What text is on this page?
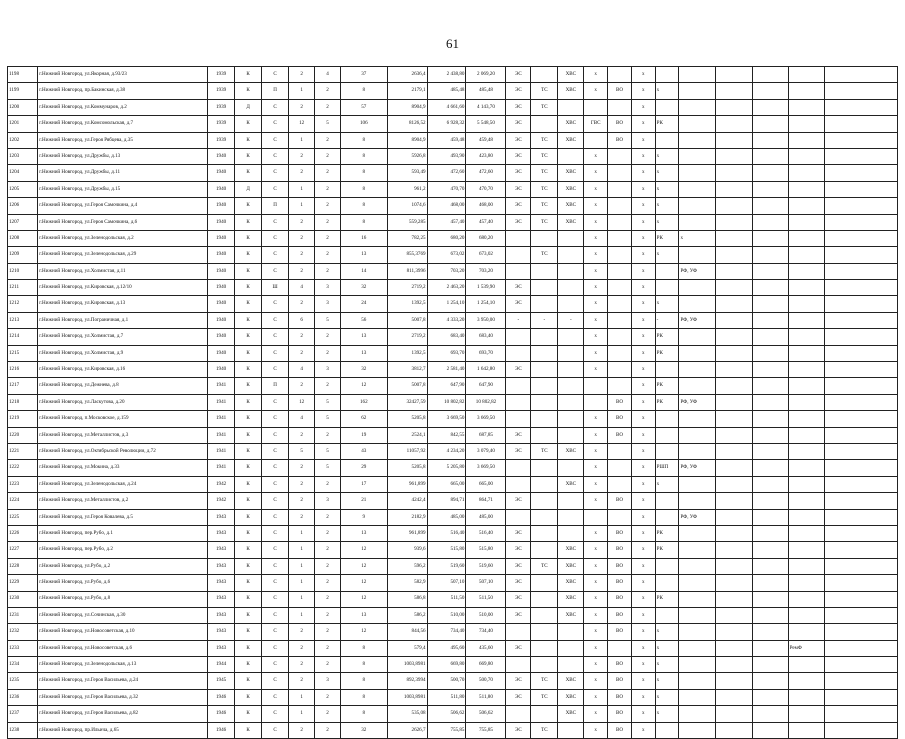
61
1198	г.Нижний Новгород, ул.Якорная, д.93/23	1939	К	С	2	4	37	2636,4	2 438,80	2 069,20	ЭС		ХВС	х		х						
1199	г.Нижний Новгород, пр.Бакинская, д.38	1939	К	П	1	2	8	2179,1	485,48	485,48	ЭС	ТС	ХВС	х	ВО	х	х					
1200	г.Нижний Новгород, ул.Коммунаров, д.2	1939	Д	С	2	2	57	8904,9	4 661,60	4 143,70	ЭС	ТС				х						
1201	г.Нижний Новгород, ул.Комсомольская, д.7	1939	К	С	12	5	106	8126,52	6 928,32	5 548,50	ЭС		ХВС	ГВС	ВО	х	РК					
1202	г.Нижний Новгород, ул.Героя Рябцева, д.35	1939	К	С	1	2	8	8904,9	459,48	459,48	ЭС	ТС	ХВС		ВО	х						
1203	г.Нижний Новгород, ул.Дружбы, д.13	1940	К	С	2	2	8	5926,8	493,90	423,80	ЭС	ТС		х		х	х					
1204	г.Нижний Новгород, ул.Дружбы, д.11	1940	К	С	2	2	8	593,49	472,60	472,60	ЭС	ТС	ХВС	х		х	х					
1205	г.Нижний Новгород, ул.Дружбы, д.15	1940	Д	С	1	2	8	961,2	470,70	470,70	ЭС	ТС	ХВС	х		х	х					
1206	г.Нижний Новгород, ул.Героя Самочкина, д.4	1940	К	П	1	2	8	1074,6	468,00	468,00	ЭС	ТС	ХВС	х		х	х					
1207	г.Нижний Новгород, ул.Героя Самочкина, д.6	1940	К	С	2	2	8	559,285	457,40	457,40	ЭС	ТС	ХВС	х		х	х					
1208	г.Нижний Новгород, ул.Зеленодольская, д.2	1940	К	С	2	2	16	782,25	680,20	680,20				х		х	РК	х				
1209	г.Нижний Новгород, ул.Зеленодольская, д.29	1940	К	С	2	2	13	855,3769	673,02	673,02		ТС		х		х	х					
1210	г.Нижний Новгород, ул.Холмистая, д.11	1940	К	С	2	2	14	811,3996	703,20	703,20				х		х		РФ, УФ				
1211	г.Нижний Новгород, ул.Кировская, д.12/10	1940	К	Ш	4	3	32	2719,2	2 463,20	1 539,90	ЭС			х		х						
1212	г.Нижний Новгород, ул.Кировская, д.13	1940	К	С	2	3	24	1392,5	1 254,10	1 254,10	ЭС			х		х	х					
1213	г.Нижний Новгород, ул.Пограничная, д.1	1940	К	С	6	5	56	5007,8	4 333,20	3 950,00	-	-	-	х		х	-	РФ, УФ				
1214	г.Нижний Новгород, ул.Холмистая, д.7	1940	К	С	2	2	13	2719,2	683,40	683,40				х		х	РК					
1215	г.Нижний Новгород, ул.Холмистая, д.9	1940	К	С	2	2	13	1392,5	693,70	693,70				х		х	РК					
1216	г.Нижний Новгород, ул.Кировская, д.16	1940	К	С	4	3	32	3812,7	2 581,40	1 642,80	ЭС			х		х						
1217	г.Нижний Новгород, ул.Дежнева, д.8	1941	К	П	2	2	12	5007,8	647,90	647,90						х	РК					
1218	г.Нижний Новгород, ул.Ласкутова, д.20	1941	К	С	12	5	162	32427,59	10 802,82	10 802,82					ВО	х	РК	РФ, УФ				
1219	г.Нижний Новгород, п.Московское, д.159	1941	К	С	4	5	62	5205,8	3 669,50	3 669,50				х	ВО	х						
1220	г.Нижний Новгород, ул.Металлистов, д.3	1941	К	С	2	2	19	2524,1	842,55	687,85	ЭС			х	ВО	х						
1221	г.Нижний Новгород, ул.Октябрьской Революции, д.72	1941	К	С	5	5	43	11057,92	4 234,20	3 079,40	ЭС	ТС	ХВС	х		х						
1222	г.Нижний Новгород, ул.Мокина, д.33	1941	К	С	2	5	29	5205,8	5 205,80	3 669,50				х		х	РШП	РФ, УФ				
1223	г.Нижний Новгород, ул.Зеленодольская, д.24	1942	К	С	2	2	17	961,899	665,00	665,00			ХВС	х		х	х					
1224	г.Нижний Новгород, ул.Металлистов, д.2	1942	К	С	2	3	21	4242,4	894,71	864,71	ЭС			х	ВО	х						
1225	г.Нижний Новгород, ул.Героя Ковалева, д.5	1943	К	С	2	2	9	2182,9	485,00	485,00						х		РФ, УФ				
1226	г.Нижний Новгород, пер.Рубо, д.1	1943	К	С	1	2	13	961,899	516,40	516,40	ЭС			х	ВО	х	РК					
1227	г.Нижний Новгород, пер.Рубо, д.2	1943	К	С	1	2	12	939,6	515,80	515,80	ЭС		ХВС	х	ВО	х	РК					
1228	г.Нижний Новгород, ул.Рубо, д.2	1943	К	С	1	2	12	596,2	519,60	519,60	ЭС	ТС	ХВС	х	ВО	х						
1229	г.Нижний Новгород, ул.Рубо, д.6	1943	К	С	1	2	12	582,9	507,10	507,10	ЭС		ХВС	х	ВО	х						
1230	г.Нижний Новгород, ул.Рубо, д.8	1943	К	С	1	2	12	586,8	511,50	511,50	ЭС		ХВС	х	ВО	х	РК					
1231	г.Нижний Новгород, ул.Сочинская, д.30	1943	К	С	1	2	13	586,2	510,00	510,00	ЭС		ХВС	х	ВО	х						
1232	г.Нижний Новгород, ул.Новосоветская, д.10	1943	К	С	2	2	12	844,56	734,40	734,40				х	ВО	х	х					
1233	г.Нижний Новгород, ул.Новосоветская, д.6	1943	К	С	2	2	8	579,4	495,60	435,60	ЭС			х		х	х				РемФ	
1234	г.Нижний Новгород, ул.Зеленодольская, д.13	1944	К	С	2	2	8	1003,8981	669,80	669,80				х	ВО	х	х					
1235	г.Нижний Новгород, ул.Героя Васильева, д.24	1945	К	С	2	3	8	892,3994	500,70	500,70	ЭС	ТС	ХВС	х	ВО	х	х					
1236	г.Нижний Новгород, ул.Героя Васильева, д.32	1946	К	С	1	2	8	1003,8981	511,80	511,80	ЭС	ТС	ХВС	х	ВО	х	х					
1237	г.Нижний Новгород, ул.Героя Васильева, д.82	1946	К	С	1	2	8	535,08	506,62	506,62			ХВС	х	ВО	х	х					
1238	г.Нижний Новгород, пр.Ильича, д.65	1946	К	С	2	2	32	2626,7	755,85	755,85	ЭС	ТС		х	ВО	х						
